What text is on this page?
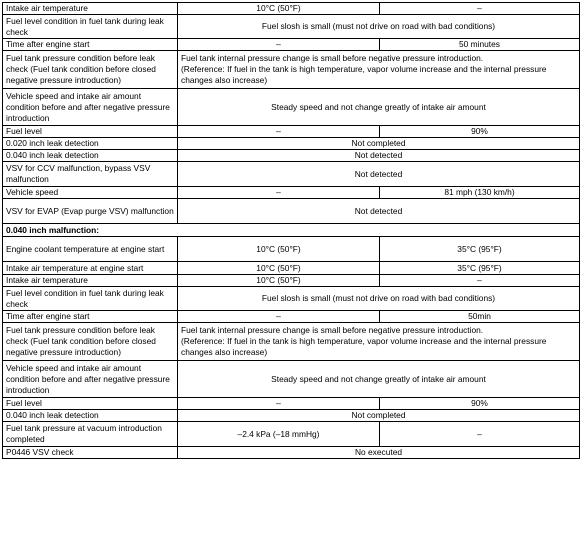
Intake air temperature	10°C (50°F)	–
Fuel level condition in fuel tank during leak check	Fuel slosh is small (must not drive on road with bad conditions)	
Time after engine start	–	50 minutes
Fuel tank pressure condition before leak check (Fuel tank condition before closed negative pressure introduction)	Fuel tank internal pressure change is small before negative pressure introduction.
(Reference: If fuel in the tank is high temperature, vapor volume increase and the internal pressure changes also increase)	

Vehicle speed and intake air amount condition before and after negative pressure introduction	Steady speed and not change greatly of intake air amount	
Fuel level	–	90%
0.020 inch leak detection	Not completed	
0.040 inch leak detection	Not detected	
VSV for CCV malfunction, bypass VSV malfunction	Not detected	
Vehicle speed	–	81 mph (130 km/h)
VSV for EVAP (Evap purge VSV) malfunction	Not detected	
0.040 inch malfunction:		
Engine coolant temperature at engine start	10°C (50°F)	35°C (95°F)
Intake air temperature at engine start	10°C (50°F)	35°C (95°F)
Intake air temperature	10°C (50°F)	–
Fuel level condition in fuel tank during leak check	Fuel slosh is small (must not drive on road with bad conditions)	
Time after engine start	–	50min
Fuel tank pressure condition before leak check (Fuel tank condition before closed negative pressure introduction)	Fuel tank internal pressure change is small before negative pressure introduction.
(Reference: If fuel in the tank is high temperature, vapor volume increase and the internal pressure changes also increase)	

Vehicle speed and intake air amount condition before and after negative pressure introduction	Steady speed and not change greatly of intake air amount	
Fuel level	–	90%
0.040 inch leak detection	Not completed	
Fuel tank pressure at vacuum introduction completed	–2.4 kPa (–18 mmHg)	–
P0446 VSV check	No executed	
